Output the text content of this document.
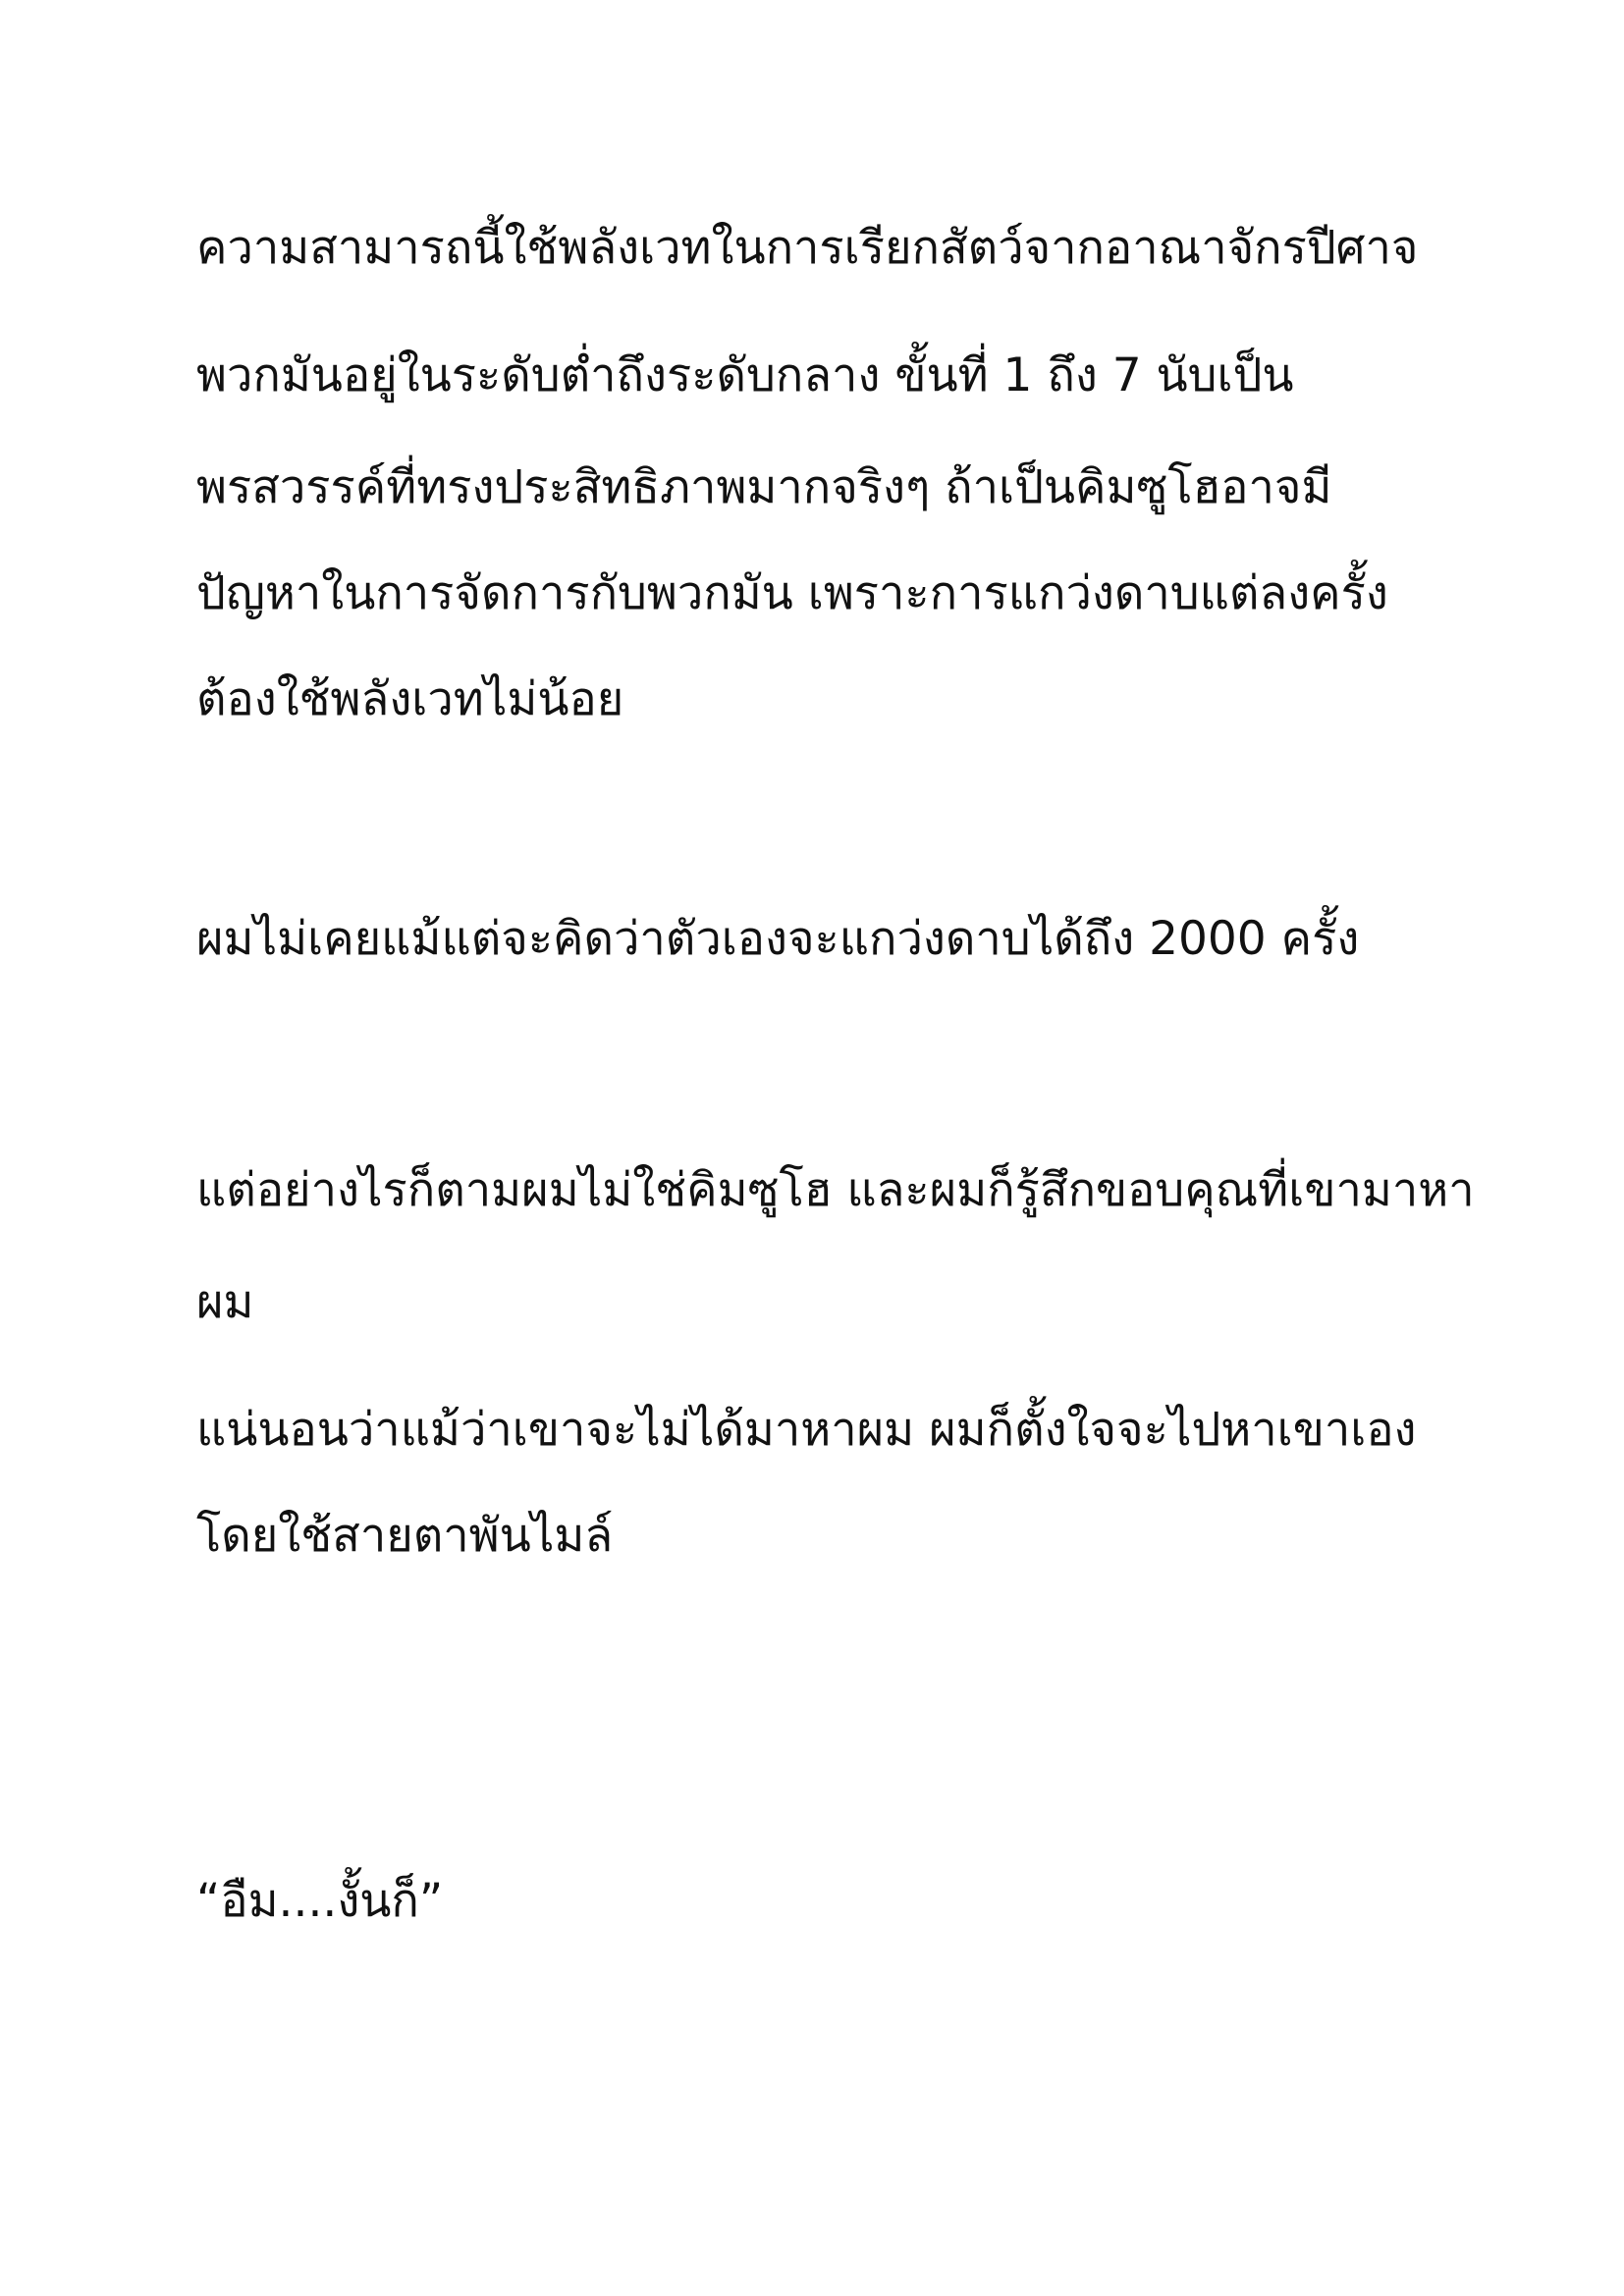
ความสามารถนี้ใช้พลังเวทในการเรียกสัตว์จากอาณาจักรปีศาจ

พวกมันอยู่ในระดับต่ำถึงระดับกลาง ขั้นที่ 1 ถึง 7 นับเป็น

พรสวรรค์ที่ทรงประสิทธิภาพมากจริงๆ ถ้าเป็นคิมซูโฮอาจมี

ปัญหาในการจัดการกับพวกมัน เพราะการแกว่งดาบแต่ลงครั้ง

ต้องใช้พลังเวทไม่น้อย

ผมไม่เคยแม้แต่จะคิดว่าตัวเองจะแกว่งดาบได้ถึง 2000 ครั้ง

แต่อย่างไรก็ตามผมไม่ใช่คิมซูโฮ และผมก็รู้สึกขอบคุณที่เขามาหา

ผม

แน่นอนว่าแม้ว่าเขาจะไม่ได้มาหาผม ผมก็ตั้งใจจะไปหาเขาเอง

โดยใช้สายตาพันไมล์

“อืม....งั้นก็”
